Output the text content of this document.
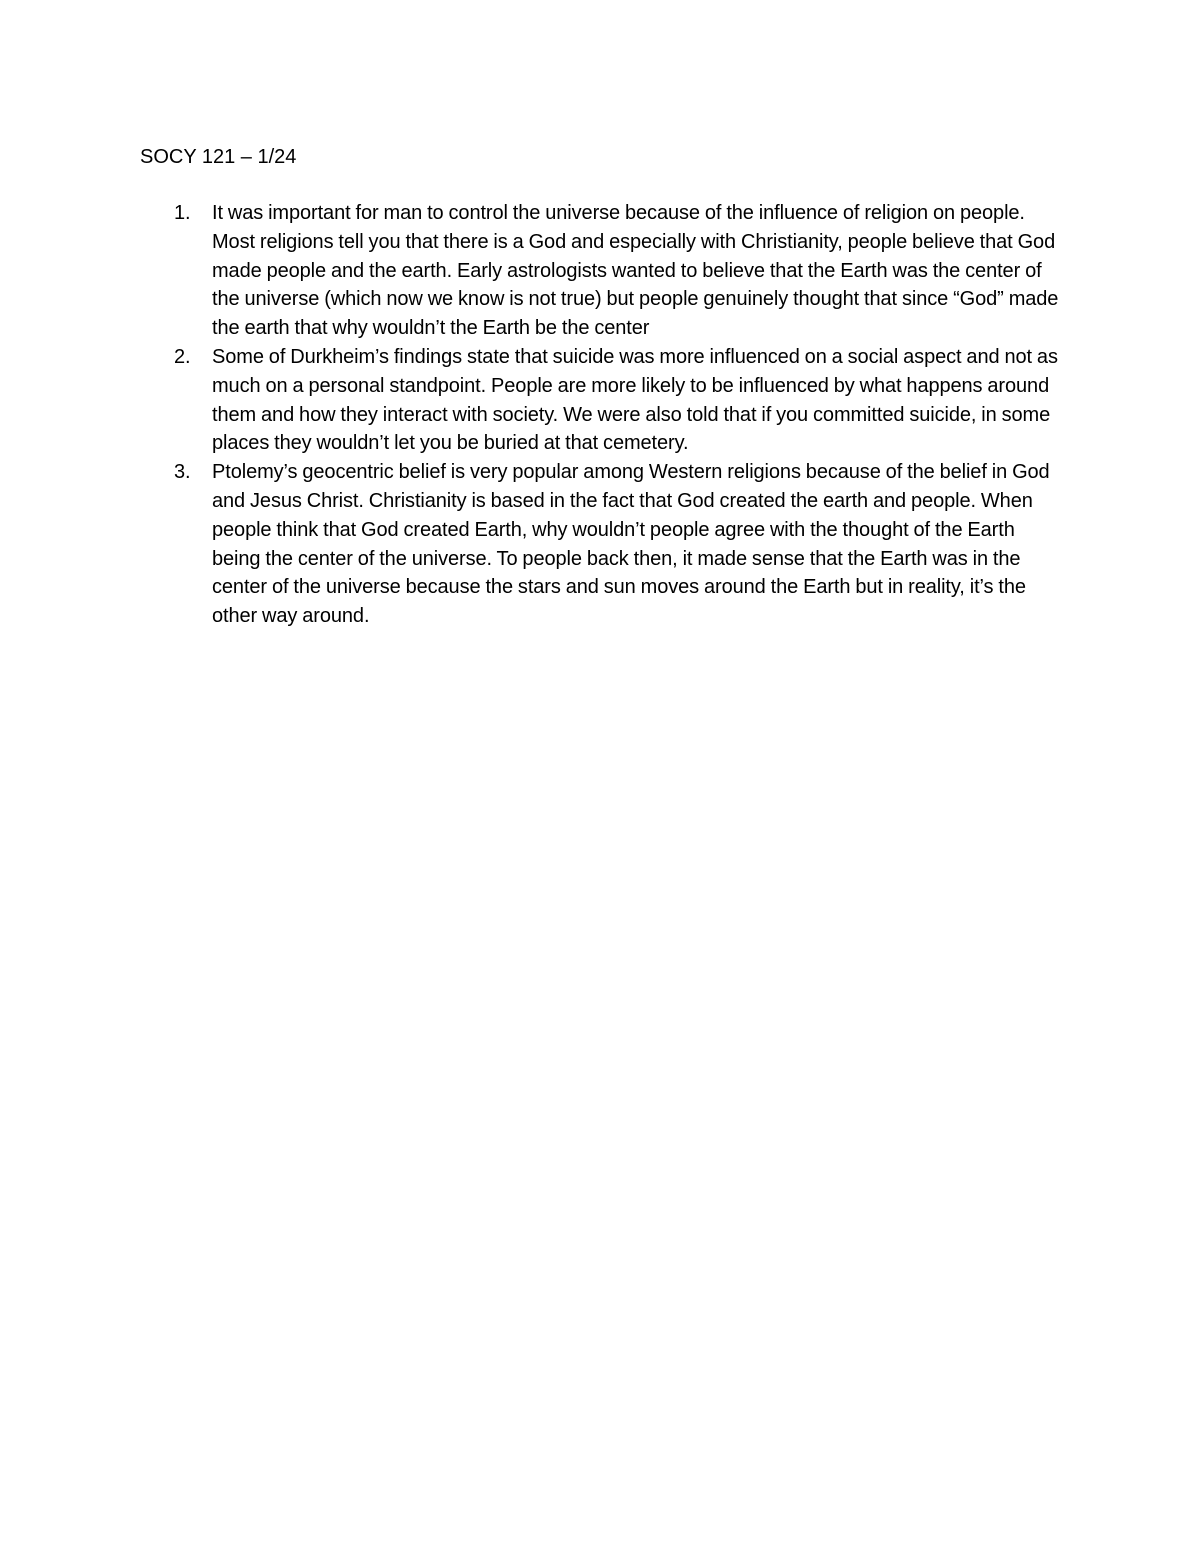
SOCY 121 – 1/24
1. It was important for man to control the universe because of the influence of religion on people. Most religions tell you that there is a God and especially with Christianity, people believe that God made people and the earth. Early astrologists wanted to believe that the Earth was the center of the universe (which now we know is not true) but people genuinely thought that since “God” made the earth that why wouldn’t the Earth be the center
2. Some of Durkheim’s findings state that suicide was more influenced on a social aspect and not as much on a personal standpoint. People are more likely to be influenced by what happens around them and how they interact with society. We were also told that if you committed suicide, in some places they wouldn’t let you be buried at that cemetery.
3. Ptolemy’s geocentric belief is very popular among Western religions because of the belief in God and Jesus Christ. Christianity is based in the fact that God created the earth and people. When people think that God created Earth, why wouldn’t people agree with the thought of the Earth being the center of the universe. To people back then, it made sense that the Earth was in the center of the universe because the stars and sun moves around the Earth but in reality, it’s the other way around.
